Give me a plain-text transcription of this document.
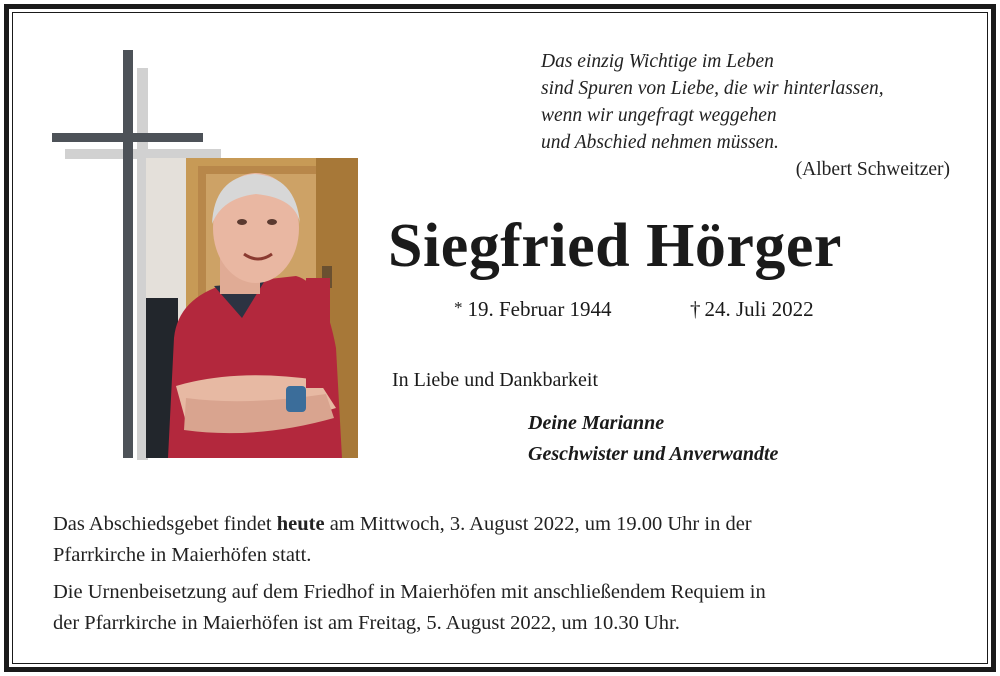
Das einzig Wichtige im Leben
sind Spuren von Liebe, die wir hinterlassen,
wenn wir ungefragt weggehen
und Abschied nehmen müssen.
(Albert Schweitzer)
Siegfried Hörger
* 19. Februar 1944	† 24. Juli 2022
In Liebe und Dankbarkeit
Deine Marianne
Geschwister und Anverwandte
Das Abschiedsgebet findet heute am Mittwoch, 3. August 2022, um 19.00 Uhr in der
Pfarrkirche in Maierhöfen statt.
Die Urnenbeisetzung auf dem Friedhof in Maierhöfen mit anschließendem Requiem in
der Pfarrkirche in Maierhöfen ist am Freitag, 5. August 2022, um 10.30 Uhr.
